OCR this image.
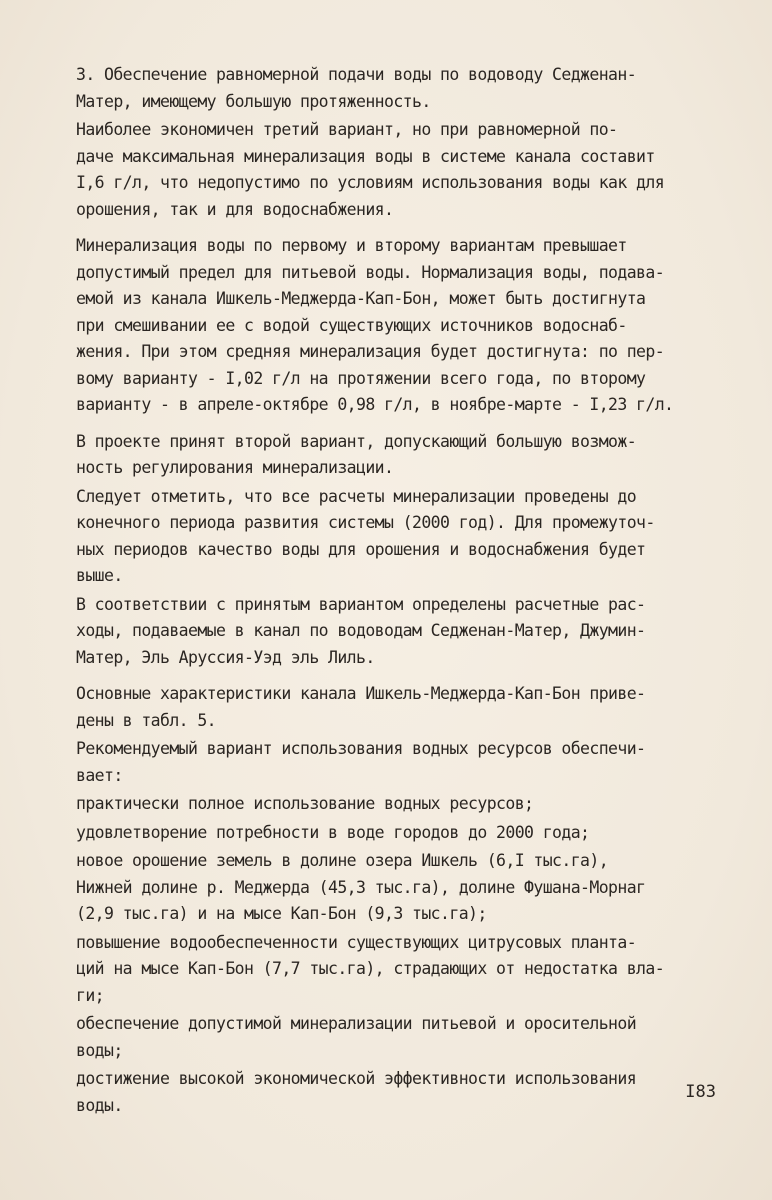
3. Обеспечение равномерной подачи воды по водоводу Седженан-
Матер, имеющему большую протяженность.
Наиболее экономичен третий вариант, но при равномерной по-
даче максимальная минерализация воды в системе канала составит
I,6 г/л, что недопустимо по условиям использования воды как для
орошения, так и для водоснабжения.
Минерализация воды по первому и второму вариантам превышает
допустимый предел для питьевой воды. Нормализация воды, подава-
емой из канала Ишкель-Меджерда-Кап-Бон, может быть достигнута
при смешивании ее с водой существующих источников водоснаб-
жения. При этом средняя минерализация будет достигнута: по пер-
вому варианту - I,02 г/л на протяжении всего года, по второму
варианту - в апреле-октябре 0,98 г/л, в ноябре-марте - I,23 г/л.
В проекте принят второй вариант, допускающий большую возмож-
ность регулирования минерализации.
Следует отметить, что все расчеты минерализации проведены до
конечного периода развития системы (2000 год). Для промежуточ-
ных периодов качество воды для орошения и водоснабжения будет
выше.
В соответствии с принятым вариантом определены расчетные рас-
ходы, подаваемые в канал по водоводам Седженан-Матер, Джумин-
Матер, Эль Аруссия-Уэд эль Лиль.
Основные характеристики канала Ишкель-Меджерда-Кап-Бон приве-
дены в табл. 5.
Рекомендуемый вариант использования водных ресурсов обеспечи-
вает:
практически полное использование водных ресурсов;
удовлетворение потребности в воде городов до 2000 года;
новое орошение земель в долине озера Ишкель (6,I тыс.га),
Нижней долине р. Меджерда (45,3 тыс.га), долине Фушана-Морнаг
(2,9 тыс.га) и на мысе Кап-Бон (9,3 тыс.га);
повышение водообеспеченности существующих цитрусовых планта-
ций на мысе Кап-Бон (7,7 тыс.га), страдающих от недостатка вла-
ги;
обеспечение допустимой минерализации питьевой и оросительной
воды;
достижение высокой экономической эффективности использования
воды.
I83
